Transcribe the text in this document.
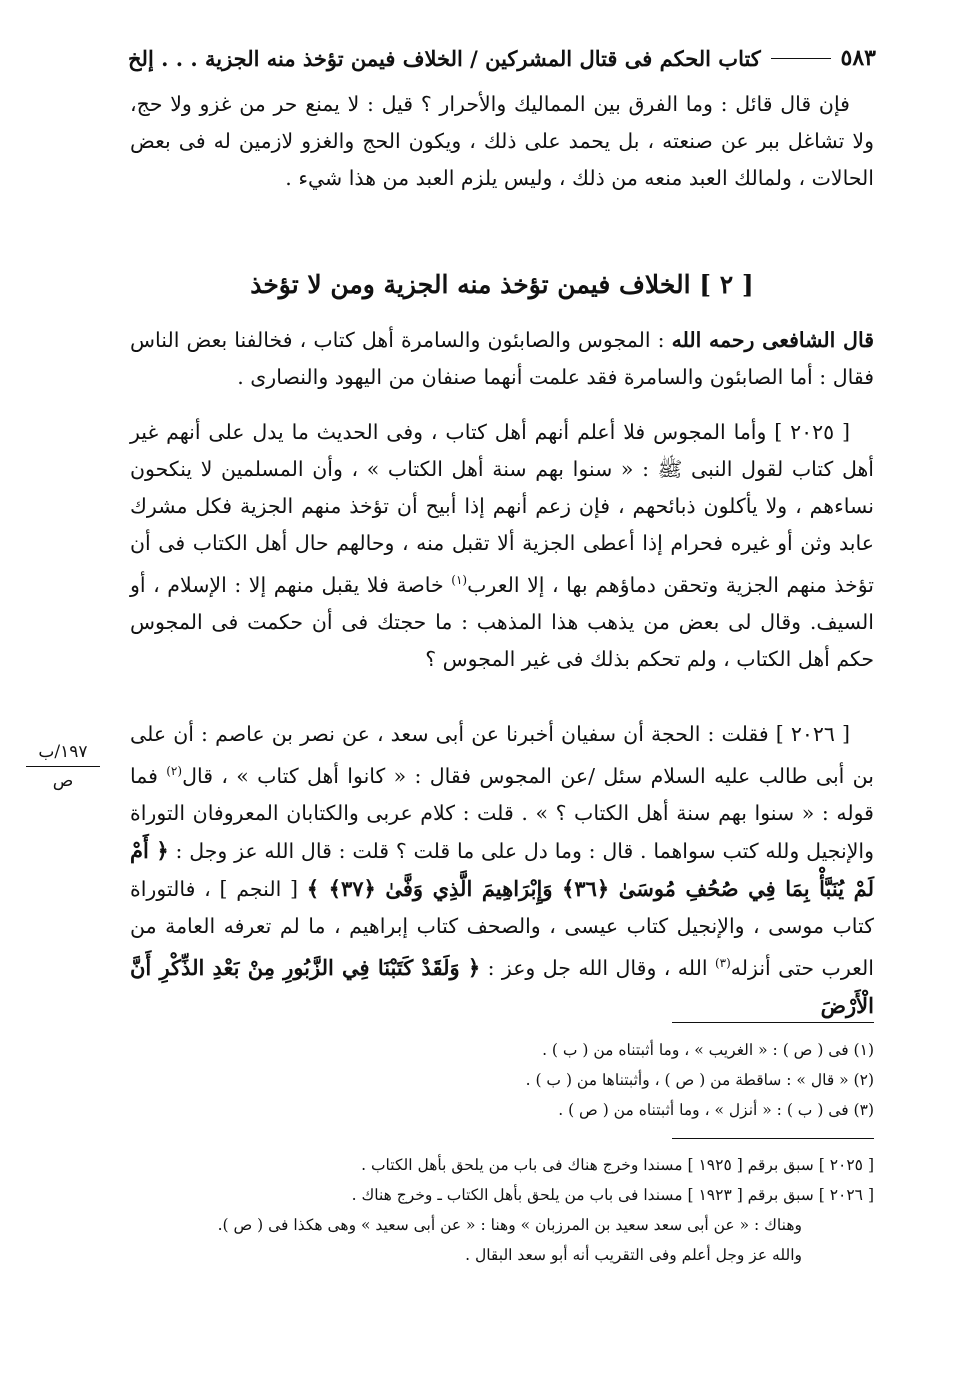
كتاب الحكم فى قتال المشركين / الخلاف فيمن تؤخذ منه الجزية . . . إلخ	٥٨٣

فإن قال قائل : وما الفرق بين المماليك والأحرار ؟ قيل : لا يمنع حر من غزو ولا حج، ولا تشاغل ببر عن صنعته ، بل يحمد على ذلك ، ويكون الحج والغزو لازمين له فى بعض الحالات ، ولمالك العبد منعه من ذلك ، وليس يلزم العبد من هذا شيء .

[ ٢ ] الخلاف فيمن تؤخذ منه الجزية ومن لا تؤخذ

قال الشافعى رحمه الله : المجوس والصابئون والسامرة أهل كتاب ، فخالفنا بعض الناس فقال : أما الصابئون والسامرة فقد علمت أنهما صنفان من اليهود والنصارى .

[ ٢٠٢٥ ] وأما المجوس فلا أعلم أنهم أهل كتاب ، وفى الحديث ما يدل على أنهم غير أهل كتاب لقول النبى ﷺ : « سنوا بهم سنة أهل الكتاب » ، وأن المسلمين لا ينكحون نساءهم ، ولا يأكلون ذبائحهم ، فإن زعم أنهم إذا أبيح أن تؤخذ منهم الجزية فكل مشرك عابد وثن أو غيره فحرام إذا أعطى الجزية ألا تقبل منه ، وحالهم حال أهل الكتاب فى أن تؤخذ منهم الجزية وتحقن دماؤهم بها ، إلا العرب$^{(١)}$ خاصة فلا يقبل منهم إلا : الإسلام ، أو السيف. وقال لى بعض من يذهب هذا المذهب : ما حجتك فى أن حكمت فى المجوس حكم أهل الكتاب ، ولم تحكم بذلك فى غير المجوس ؟

١٩٧/ب
ص

[ ٢٠٢٦ ] فقلت : الحجة أن سفيان أخبرنا عن أبى سعد ، عن نصر بن عاصم : أن على بن أبى طالب عليه السلام سئل /عن المجوس فقال : « كانوا أهل كتاب » ، قال$^{(٢)}$ فما قوله : « سنوا بهم سنة أهل الكتاب ؟ » . قلت : كلام عربى والكتابان المعروفان التوراة والإنجيل ولله كتب سواهما . قال : وما دل على ما قلت ؟ قلت : قال الله عز وجل : ﴿ أَمْ لَمْ يُنَبَّأْ بِمَا فِي صُحُفِ مُوسَىٰ ﴿٣٦﴾ وَإِبْرَاهِيمَ الَّذِي وَفَّىٰ ﴿٣٧﴾ ﴾ [ النجم ] ، فالتوراة كتاب موسى ، والإنجيل كتاب عيسى ، والصحف كتاب إبراهيم ، ما لم تعرفه العامة من العرب حتى أنزله$^{(٣)}$ الله ، وقال الله جل وعز : ﴿ وَلَقَدْ كَتَبْنَا فِي الزَّبُورِ مِنْ بَعْدِ الذِّكْرِ أَنَّ الْأَرْضَ

(١) فى ( ص ) : « الغريب » ، وما أثبتناه من ( ب ) .

(٢) « قال » : ساقطة من ( ص ) ، وأثبتناها من ( ب ) .

(٣) فى ( ب ) : « أنزل » ، وما أثبتناه من ( ص ) .

[ ٢٠٢٥ ] سبق برقم [ ١٩٢٥ ] مسندا وخرج هناك فى باب من يلحق بأهل الكتاب .

[ ٢٠٢٦ ] سبق برقم [ ١٩٢٣ ] مسندا فى باب من يلحق بأهل الكتاب ـ وخرج هناك .

وهناك : « عن أبى سعد سعيد بن المرزبان » وهنا : « عن أبى سعيد » وهى هكذا فى ( ص ).

والله عز وجل أعلم وفى التقريب أنه أبو سعد البقال .
